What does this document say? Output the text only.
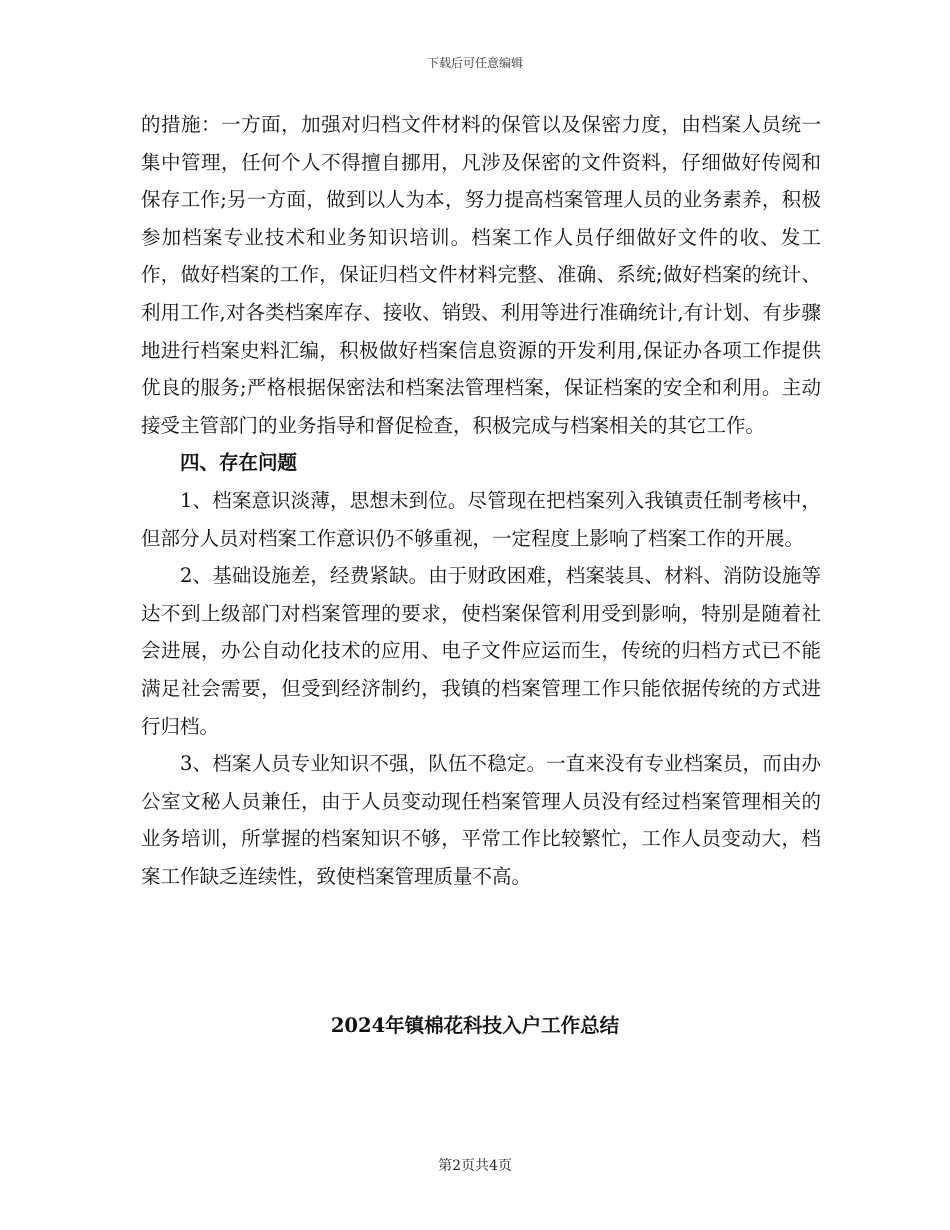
下载后可任意编辑

的措施：一方面，加强对归档文件材料的保管以及保密力度，由档案人员统一集中管理，任何个人不得擅自挪用，凡涉及保密的文件资料，仔细做好传阅和保存工作;另一方面，做到以人为本，努力提高档案管理人员的业务素养，积极参加档案专业技术和业务知识培训。档案工作人员仔细做好文件的收、发工作，做好档案的工作，保证归档文件材料完整、准确、系统;做好档案的统计、利用工作,对各类档案库存、接收、销毁、利用等进行准确统计,有计划、有步骤地进行档案史料汇编，积极做好档案信息资源的开发利用,保证办各项工作提供优良的服务;严格根据保密法和档案法管理档案，保证档案的安全和利用。主动接受主管部门的业务指导和督促检查，积极完成与档案相关的其它工作。

四、存在问题

1、档案意识淡薄，思想未到位。尽管现在把档案列入我镇责任制考核中，但部分人员对档案工作意识仍不够重视，一定程度上影响了档案工作的开展。

2、基础设施差，经费紧缺。由于财政困难，档案装具、材料、消防设施等达不到上级部门对档案管理的要求，使档案保管利用受到影响，特别是随着社会进展，办公自动化技术的应用、电子文件应运而生，传统的归档方式已不能满足社会需要，但受到经济制约，我镇的档案管理工作只能依据传统的方式进行归档。

3、档案人员专业知识不强，队伍不稳定。一直来没有专业档案员，而由办公室文秘人员兼任，由于人员变动现任档案管理人员没有经过档案管理相关的业务培训，所掌握的档案知识不够，平常工作比较繁忙，工作人员变动大，档案工作缺乏连续性，致使档案管理质量不高。

2024年镇棉花科技入户工作总结
第2页共4页
